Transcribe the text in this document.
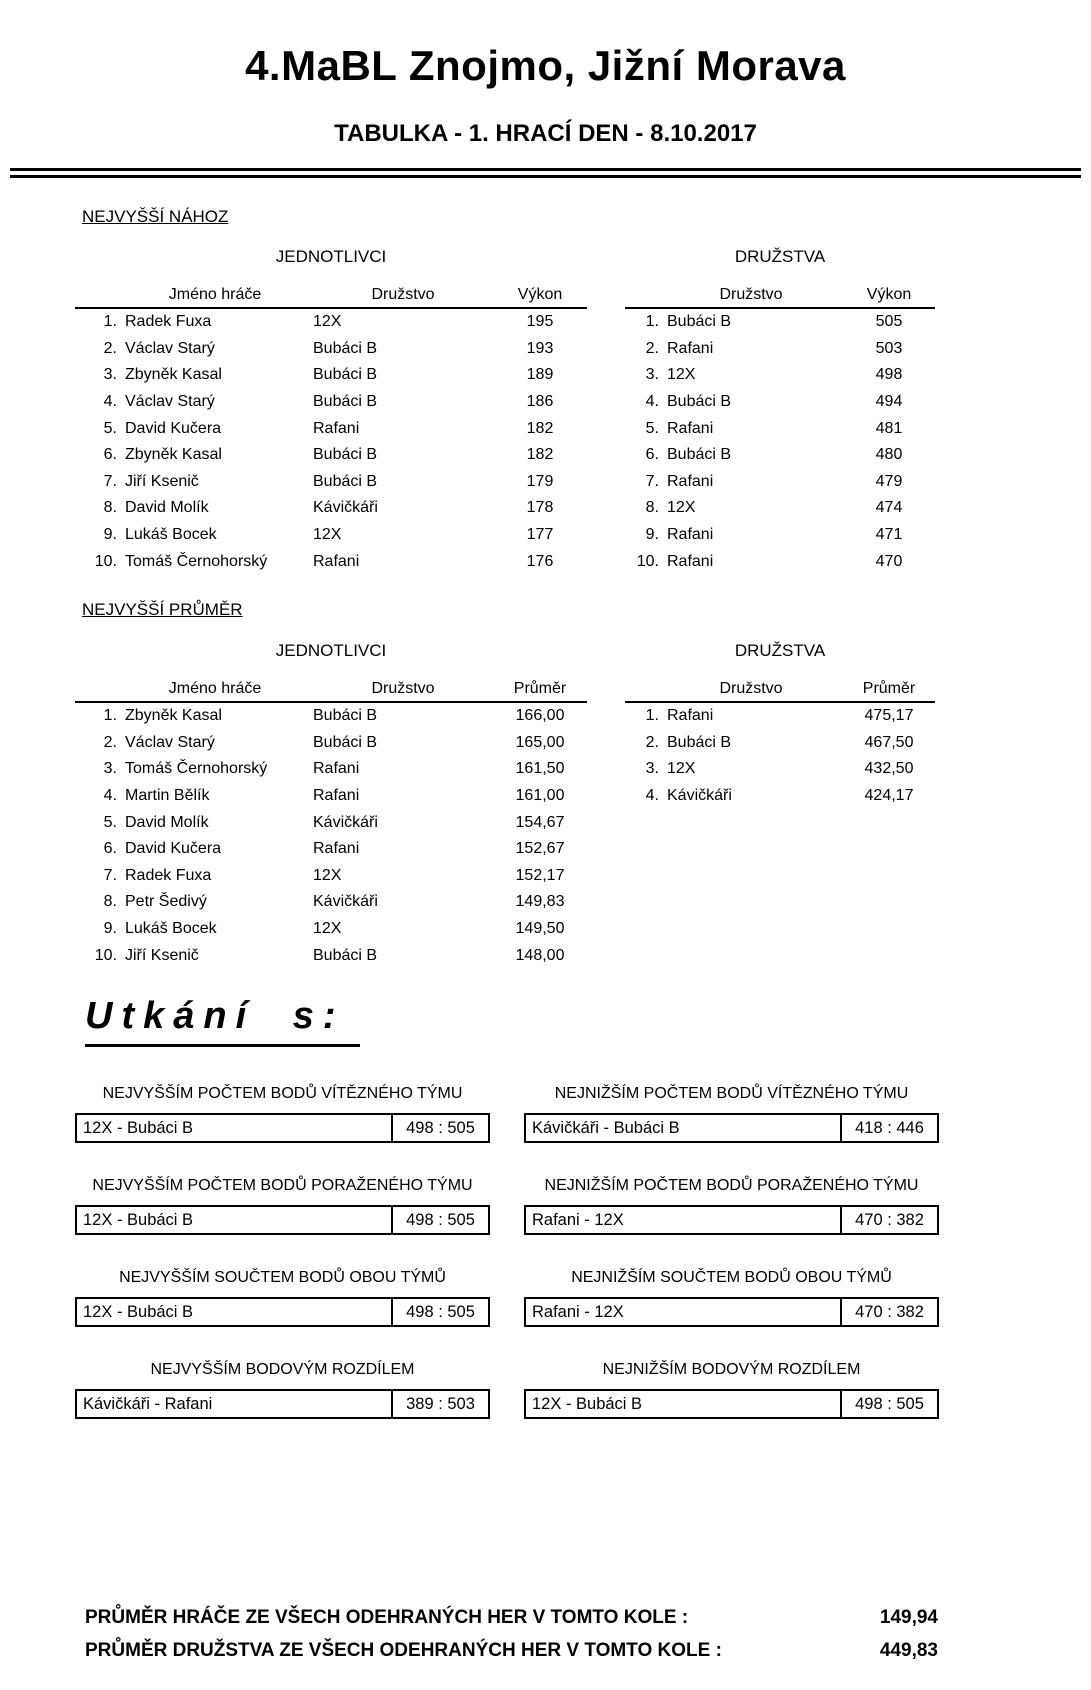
4.MaBL Znojmo, Jižní Morava
TABULKA - 1. HRACÍ DEN - 8.10.2017
NEJVYŠŠÍ NÁHOZ
JEDNOTLIVCI	DRUŽSTVA
Jméno hráče	Družstvo	Výkon
1. Radek Fuxa	12X	195
2. Václav Starý	Bubáci B	193
3. Zbyněk Kasal	Bubáci B	189
4. Václav Starý	Bubáci B	186
5. David Kučera	Rafani	182
6. Zbyněk Kasal	Bubáci B	182
7. Jiří Ksenič	Bubáci B	179
8. David Molík	Kávičkáři	178
9. Lukáš Bocek	12X	177
10. Tomáš Černohorský	Rafani	176
Družstvo	Výkon
1. Bubáci B	505
2. Rafani	503
3. 12X	498
4. Bubáci B	494
5. Rafani	481
6. Bubáci B	480
7. Rafani	479
8. 12X	474
9. Rafani	471
10. Rafani	470
NEJVYŠŠÍ PRŮMĚR
JEDNOTLIVCI	DRUŽSTVA
Jméno hráče	Družstvo	Průměr
1. Zbyněk Kasal	Bubáci B	166,00
2. Václav Starý	Bubáci B	165,00
3. Tomáš Černohorský	Rafani	161,50
4. Martin Bělík	Rafani	161,00
5. David Molík	Kávičkáři	154,67
6. David Kučera	Rafani	152,67
7. Radek Fuxa	12X	152,17
8. Petr Šedivý	Kávičkáři	149,83
9. Lukáš Bocek	12X	149,50
10. Jiří Ksenič	Bubáci B	148,00
Družstvo	Průměr
1. Rafani	475,17
2. Bubáci B	467,50
3. 12X	432,50
4. Kávičkáři	424,17
Utkání s:
NEJVYŠŠÍM POČTEM BODŮ VÍTĚZNÉHO TÝMU
12X - Bubáci B	498 : 505
NEJNIŽŠÍM POČTEM BODŮ VÍTĚZNÉHO TÝMU
Kávičkáři - Bubáci B	418 : 446
NEJVYŠŠÍM POČTEM BODŮ PORAŽENÉHO TÝMU
12X - Bubáci B	498 : 505
NEJNIŽŠÍM POČTEM BODŮ PORAŽENÉHO TÝMU
Rafani - 12X	470 : 382
NEJVYŠŠÍM SOUČTEM BODŮ OBOU TÝMŮ
12X - Bubáci B	498 : 505
NEJNIŽŠÍM SOUČTEM BODŮ OBOU TÝMŮ
Rafani - 12X	470 : 382
NEJVYŠŠÍM BODOVÝM ROZDÍLEM
Kávičkáři - Rafani	389 : 503
NEJNIŽŠÍM BODOVÝM ROZDÍLEM
12X - Bubáci B	498 : 505
PRŮMĚR HRÁČE ZE VŠECH ODEHRANÝCH HER V TOMTO KOLE :	149,94
PRŮMĚR DRUŽSTVA ZE VŠECH ODEHRANÝCH HER V TOMTO KOLE :	449,83
